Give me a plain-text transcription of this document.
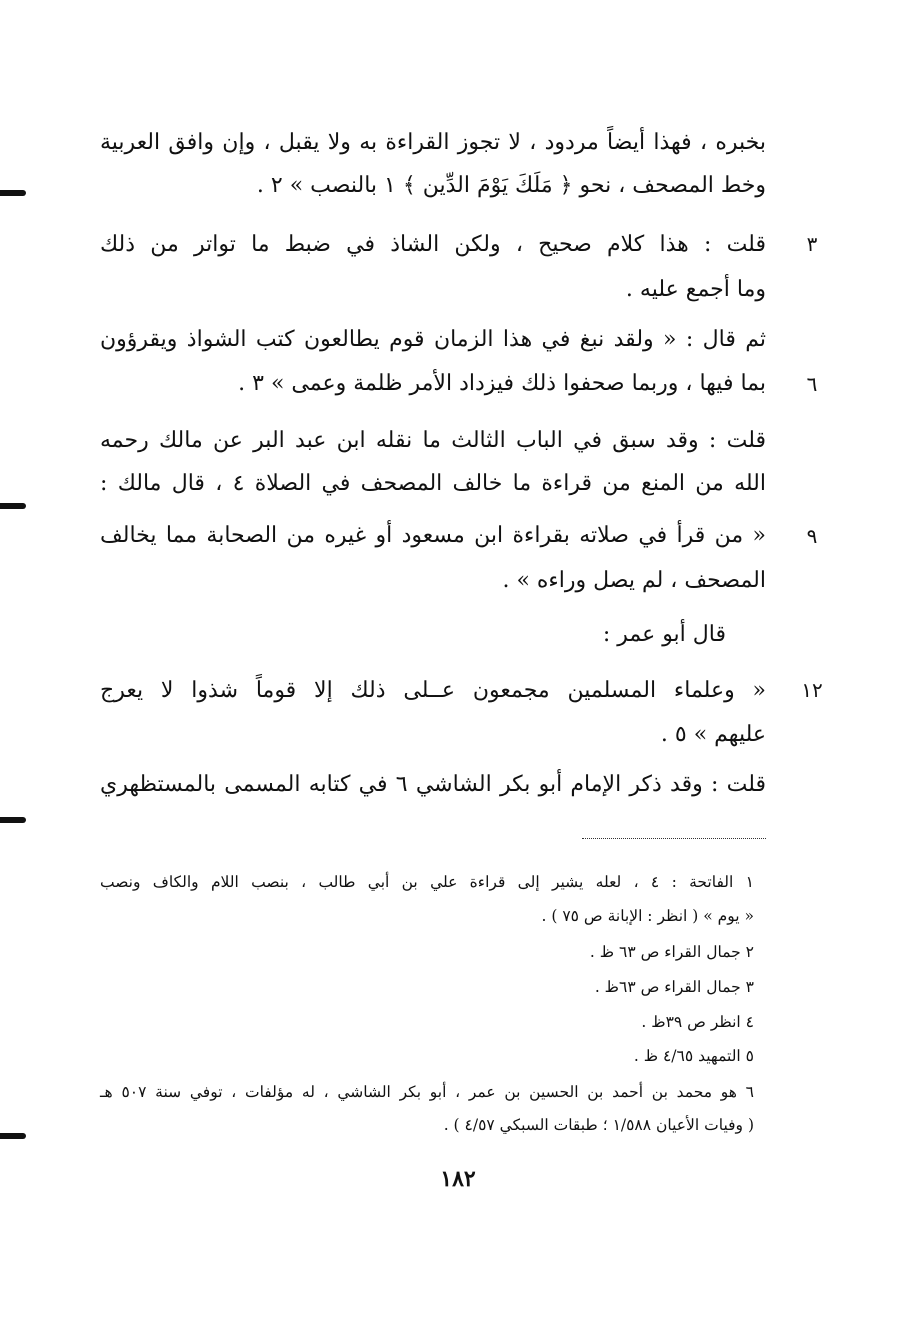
بخبره ، فهذا أيضاً مردود ، لا تجوز القراءة به ولا يقبل ، وإن وافق العربية
وخط المصحف ، نحو ﴿ مَلَكَ يَوْمَ الدِّين ﴾ ١ بالنصب » ٢ .
قلت : هذا كلام صحيح ، ولكن الشاذ في ضبط ما تواتر من ذلك
وما أجمع عليه .
ثم قال : « ولقد نبغ في هذا الزمان قوم يطالعون كتب الشواذ ويقرؤون
بما فيها ، وربما صحفوا ذلك فيزداد الأمر ظلمة وعمى » ٣ .
قلت : وقد سبق في الباب الثالث ما نقله ابن عبد البر عن مالك رحمه
الله من المنع من قراءة ما خالف المصحف في الصلاة ٤ ، قال مالك :
« من قرأ في صلاته بقراءة ابن مسعود أو غيره من الصحابة مما يخالف
المصحف ، لم يصل وراءه » .
قال أبو عمر :
« وعلماء المسلمين مجمعون عــلى ذلك إلا قوماً شذوا لا يعرج
عليهم » ٥ .
قلت : وقد ذكر الإمام أبو بكر الشاشي ٦ في كتابه المسمى بالمستظهري
٣
٦
٩
١٢
١ الفاتحة : ٤ ، لعله يشير إلى قراءة علي بن أبي طالب ، بنصب اللام والكاف ونصب
« يوم » ( انظر : الإبانة ص ٧٥ ) .
٢ جمال القراء ص ٦٣ ظ .
٣ جمال القراء ص ٦٣ظ .
٤ انظر ص ٣٩ظ .
٥ التمهيد ٤/٦٥ ظ .
٦ هو محمد بن أحمد بن الحسين بن عمر ، أبو بكر الشاشي ، له مؤلفات ، توفي سنة ٥٠٧ هـ
( وفيات الأعيان ١/٥٨٨ ؛ طبقات السبكي ٤/٥٧ ) .
١٨٢
